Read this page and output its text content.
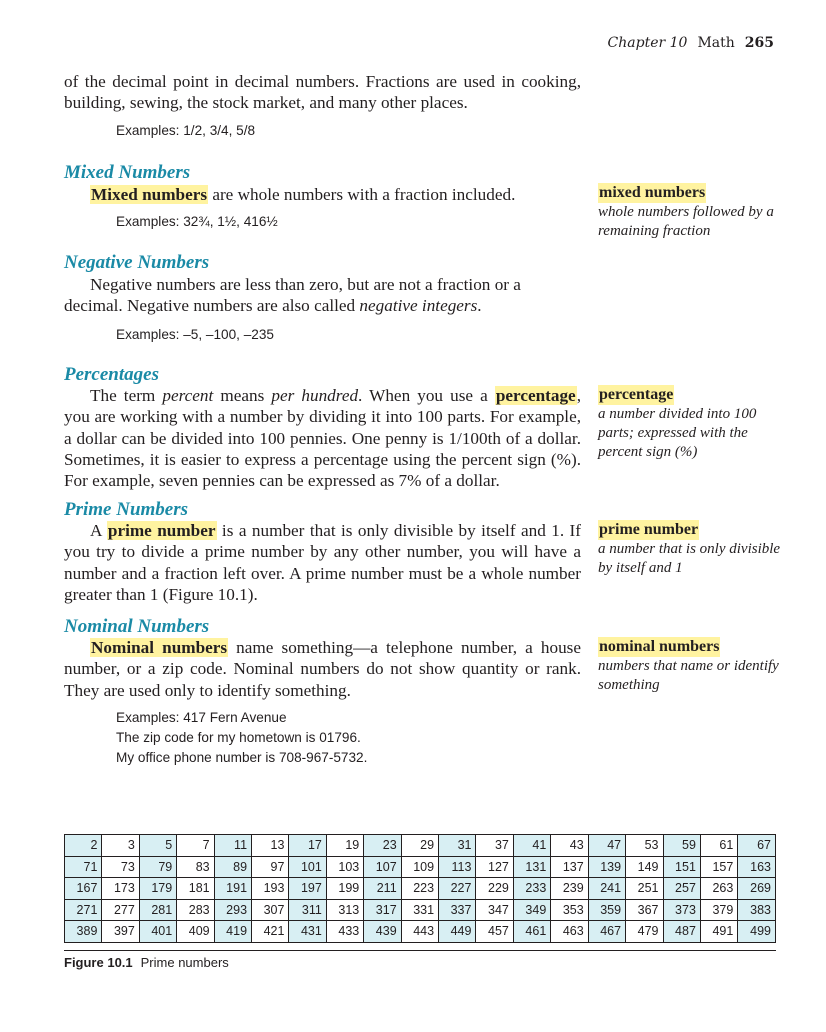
Chapter 10 Math 265
of the decimal point in decimal numbers. Fractions are used in cooking, building, sewing, the stock market, and many other places.
Examples: 1/2, 3/4, 5/8
Mixed Numbers
Mixed numbers are whole numbers with a fraction included.
Examples: 32¾, 1½, 416½
mixed numbers
whole numbers followed by a remaining fraction
Negative Numbers
Negative numbers are less than zero, but are not a fraction or a decimal. Negative numbers are also called negative integers.
Examples: –5, –100, –235
Percentages
The term percent means per hundred. When you use a percentage, you are working with a number by dividing it into 100 parts. For example, a dollar can be divided into 100 pennies. One penny is 1/100th of a dollar. Sometimes, it is easier to express a percentage using the percent sign (%). For example, seven pennies can be expressed as 7% of a dollar.
percentage
a number divided into 100 parts; expressed with the percent sign (%)
Prime Numbers
A prime number is a number that is only divisible by itself and 1. If you try to divide a prime number by any other number, you will have a number and a fraction left over. A prime number must be a whole number greater than 1 (Figure 10.1).
prime number
a number that is only divisible by itself and 1
Nominal Numbers
Nominal numbers name something—a telephone number, a house number, or a zip code. Nominal numbers do not show quantity or rank. They are used only to identify something.
nominal numbers
numbers that name or identify something
Examples: 417 Fern Avenue
The zip code for my hometown is 01796.
My office phone number is 708-967-5732.
2	3	5	7	11	13	17	19	23	29	31	37	41	43	47	53	59	61	67
71	73	79	83	89	97	101	103	107	109	113	127	131	137	139	149	151	157	163
167	173	179	181	191	193	197	199	211	223	227	229	233	239	241	251	257	263	269
271	277	281	283	293	307	311	313	317	331	337	347	349	353	359	367	373	379	383
389	397	401	409	419	421	431	433	439	443	449	457	461	463	467	479	487	491	499
Figure 10.1 Prime numbers
